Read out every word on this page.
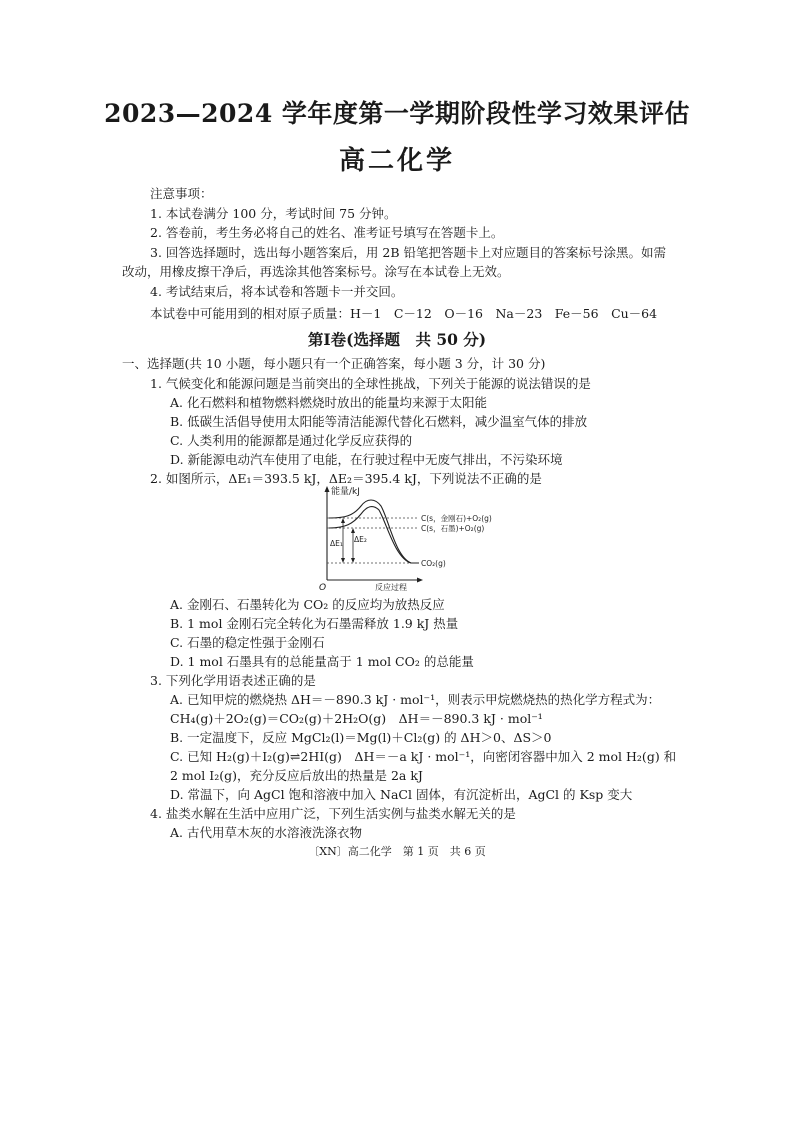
2023—2024 学年度第一学期阶段性学习效果评估
高二化学
注意事项：
1. 本试卷满分 100 分，考试时间 75 分钟。
2. 答卷前，考生务必将自己的姓名、准考证号填写在答题卡上。
3. 回答选择题时，选出每小题答案后，用 2B 铅笔把答题卡上对应题目的答案标号涂黑。如需
改动，用橡皮擦干净后，再选涂其他答案标号。涂写在本试卷上无效。
4. 考试结束后，将本试卷和答题卡一并交回。
本试卷中可能用到的相对原子质量：H－1　C－12　O－16　Na－23　Fe－56　Cu－64
第Ⅰ卷(选择题　共 50 分)
一、选择题(共 10 小题，每小题只有一个正确答案，每小题 3 分，计 30 分)
1. 气候变化和能源问题是当前突出的全球性挑战，下列关于能源的说法错误的是
A. 化石燃料和植物燃料燃烧时放出的能量均来源于太阳能
B. 低碳生活倡导使用太阳能等清洁能源代替化石燃料，减少温室气体的排放
C. 人类利用的能源都是通过化学反应获得的
D. 新能源电动汽车使用了电能，在行驶过程中无废气排出，不污染环境
2. 如图所示，ΔE₁＝393.5 kJ，ΔE₂＝395.4 kJ，下列说法不正确的是
能量/kJ
反应过程
O
ΔE₁ ΔE₂
C(s，金刚石)+O₂(g)
C(s，石墨)+O₂(g)
CO₂(g)
A. 金刚石、石墨转化为 CO₂ 的反应均为放热反应
B. 1 mol 金刚石完全转化为石墨需释放 1.9 kJ 热量
C. 石墨的稳定性强于金刚石
D. 1 mol 石墨具有的总能量高于 1 mol CO₂ 的总能量
3. 下列化学用语表述正确的是
A. 已知甲烷的燃烧热 ΔH＝－890.3 kJ · mol⁻¹，则表示甲烷燃烧热的热化学方程式为：
CH₄(g)＋2O₂(g)＝CO₂(g)＋2H₂O(g)　ΔH＝－890.3 kJ · mol⁻¹
B. 一定温度下，反应 MgCl₂(l)＝Mg(l)＋Cl₂(g) 的 ΔH＞0、ΔS＞0
C. 已知 H₂(g)＋I₂(g)⇌2HI(g)　ΔH＝－a kJ · mol⁻¹，向密闭容器中加入 2 mol H₂(g) 和
2 mol I₂(g)，充分反应后放出的热量是 2a kJ
D. 常温下，向 AgCl 饱和溶液中加入 NaCl 固体，有沉淀析出，AgCl 的 Ksp 变大
4. 盐类水解在生活中应用广泛，下列生活实例与盐类水解无关的是
A. 古代用草木灰的水溶液洗涤衣物
〔XN〕高二化学　第 1 页　共 6 页
